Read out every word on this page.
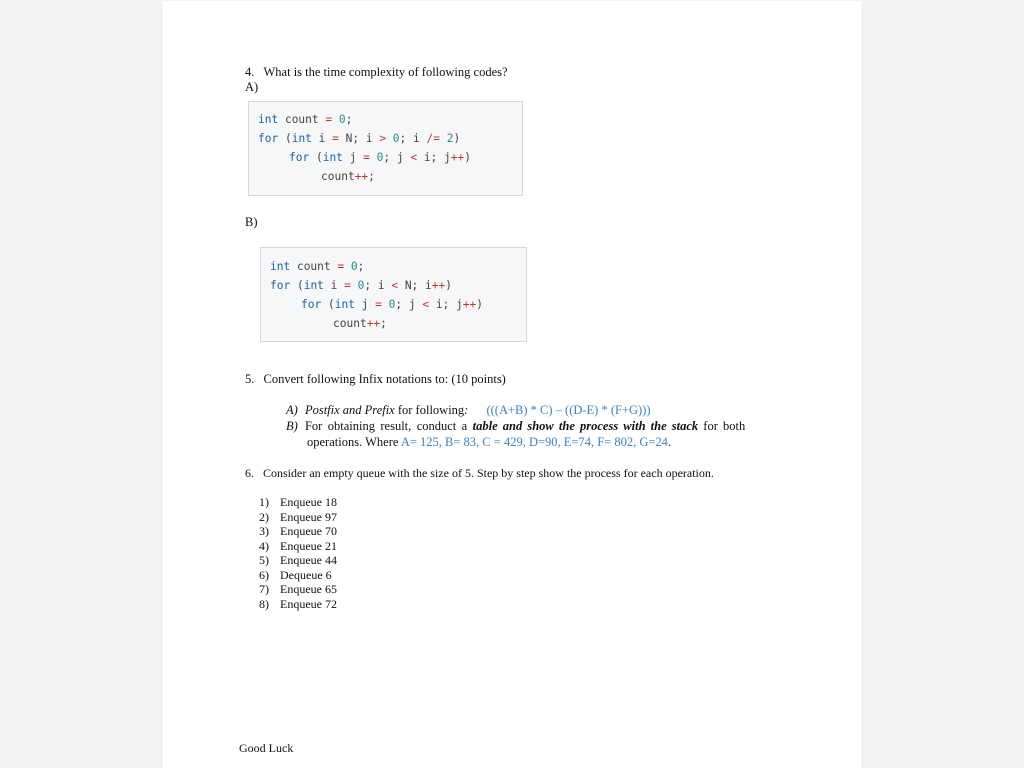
4. What is the time complexity of following codes?
A)
int count = 0;
for (int i = N; i > 0; i /= 2)
for (int j = 0; j < i; j++)
count++;
B)
int count = 0;
for (int i = 0; i < N; i++)
for (int j = 0; j < i; j++)
count++;
5. Convert following Infix notations to: (10 points)
A) Postfix and Prefix for following: (((A+B) * C) – ((D-E) * (F+G)))
B) For obtaining result, conduct a table and show the process with the stack for both
operations. Where A= 125, B= 83, C = 429, D=90, E=74, F= 802, G=24.
6. Consider an empty queue with the size of 5. Step by step show the process for each operation.
1) Enqueue 18
2) Enqueue 97
3) Enqueue 70
4) Enqueue 21
5) Enqueue 44
6) Dequeue 6
7) Enqueue 65
8) Enqueue 72
Good Luck
